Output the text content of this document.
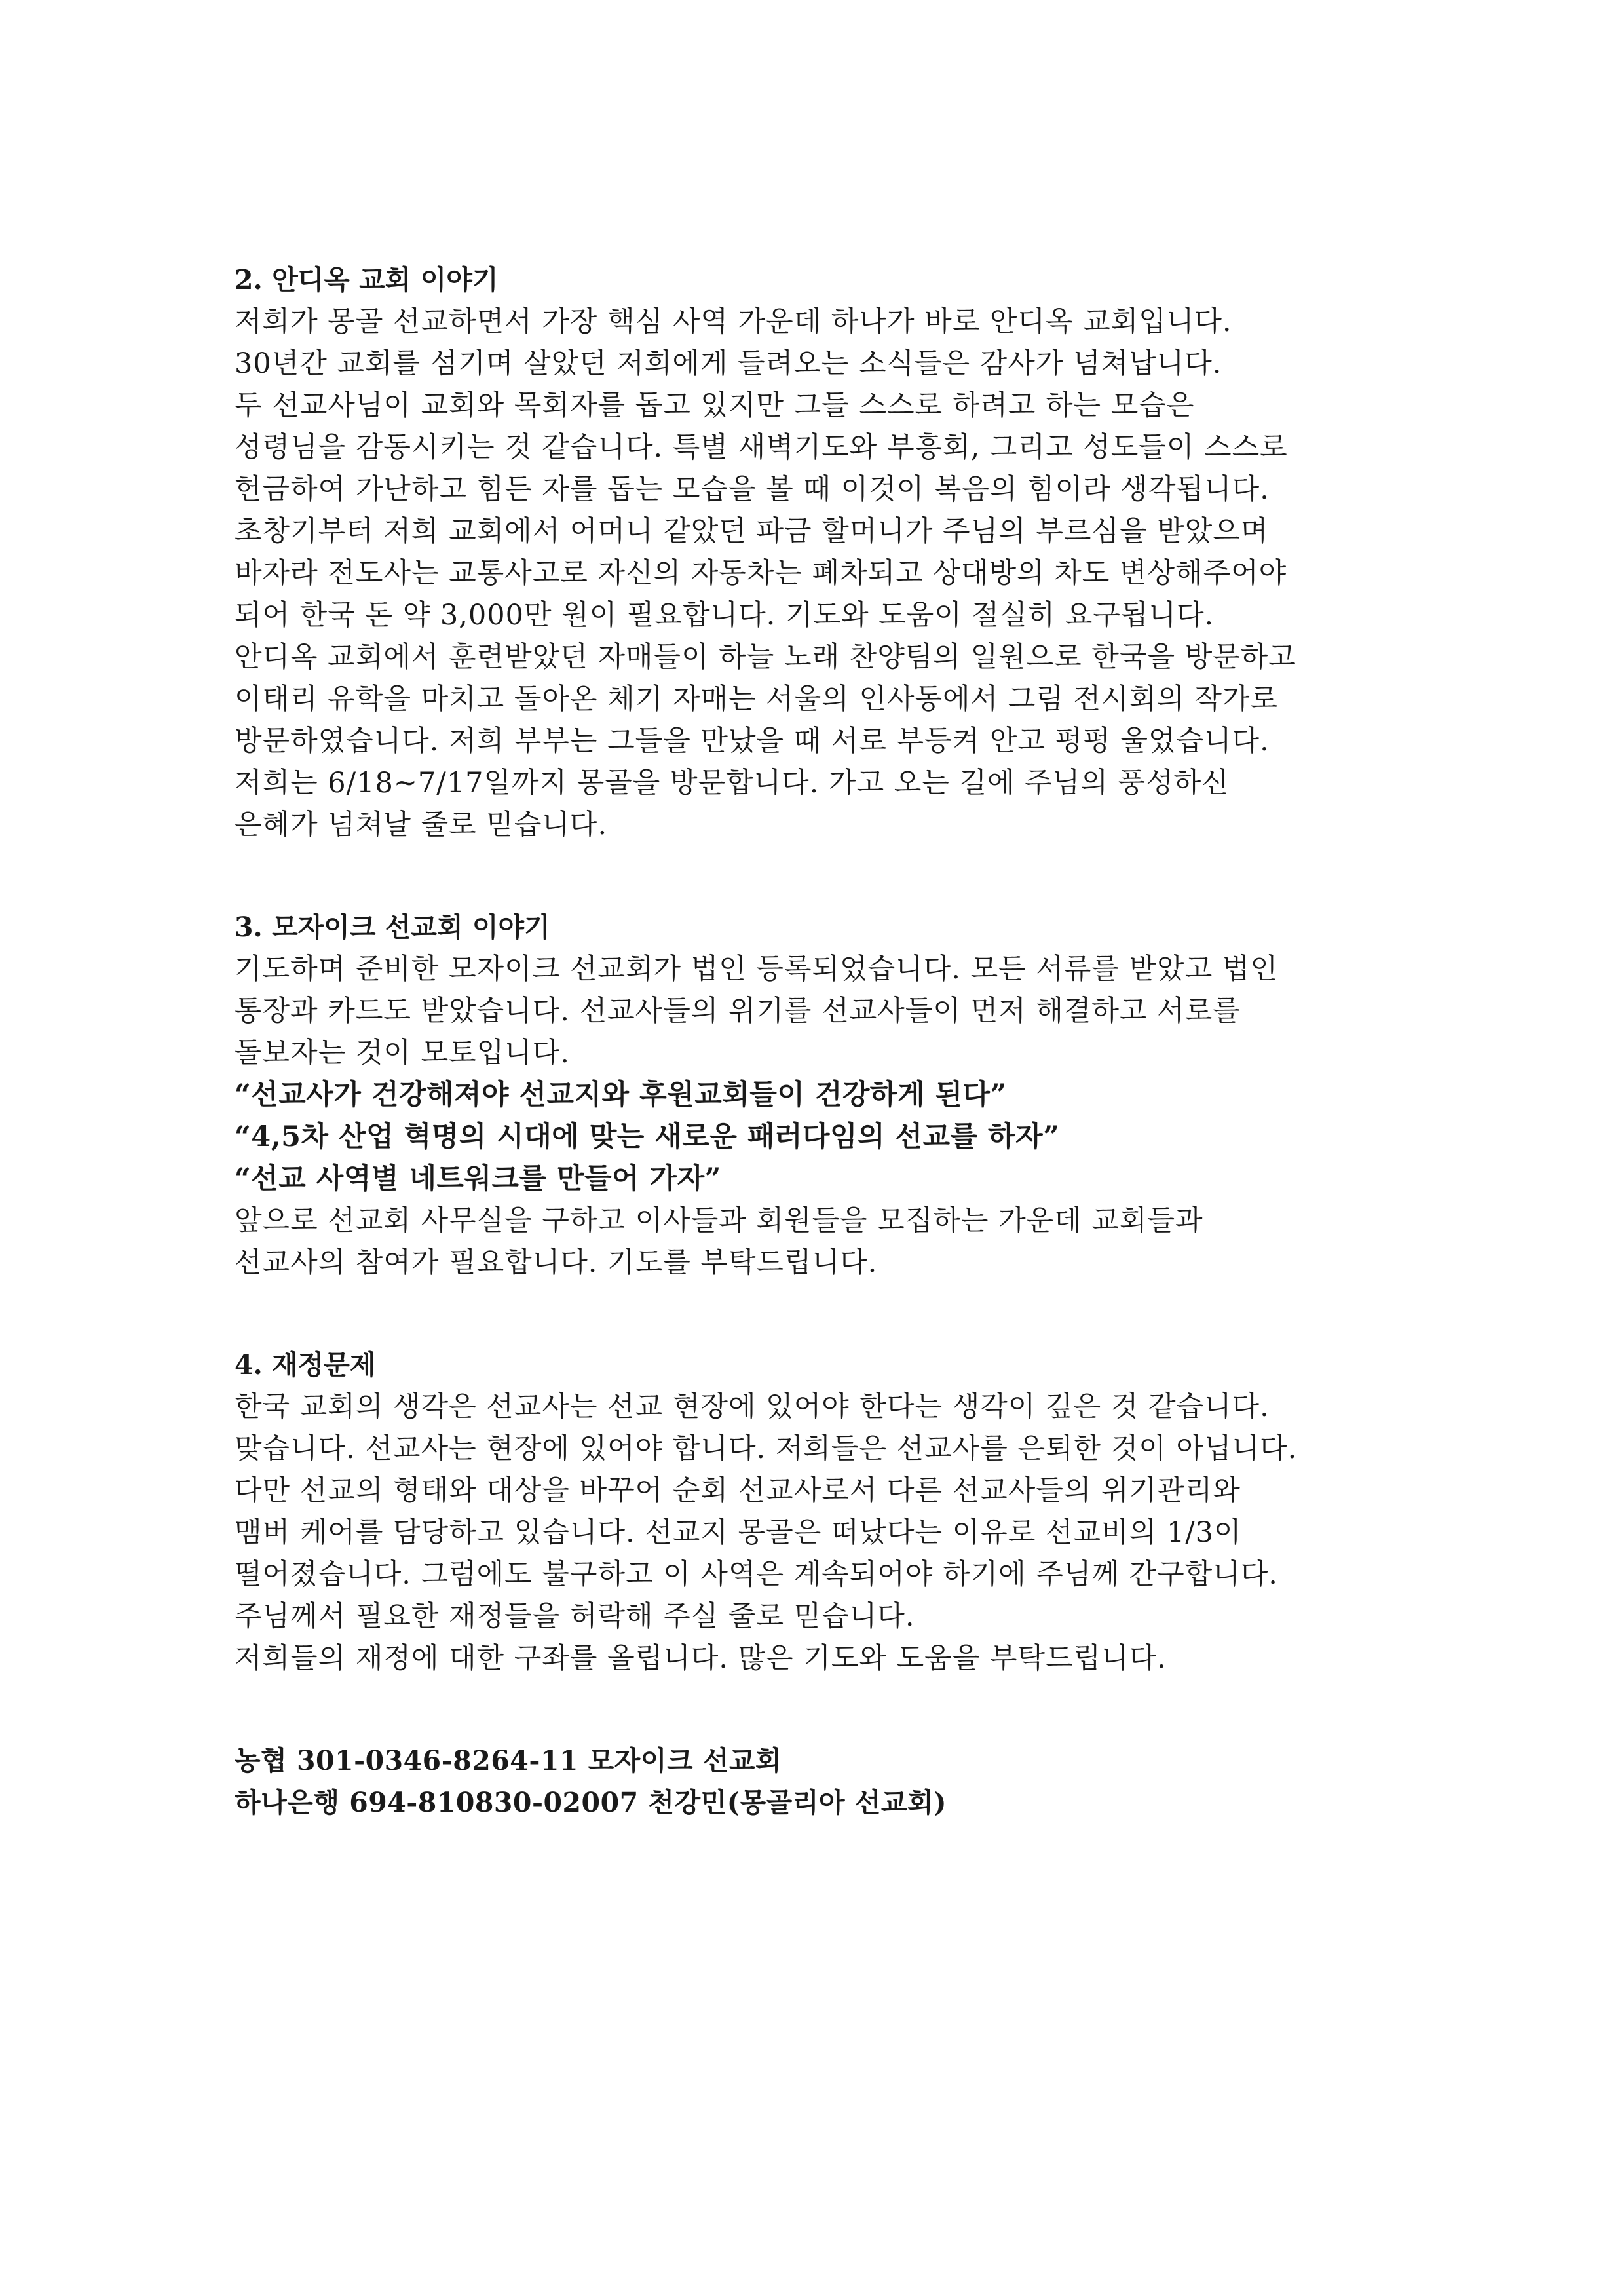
2. 안디옥 교회 이야기

저희가 몽골 선교하면서 가장 핵심 사역 가운데 하나가 바로 안디옥 교회입니다.

30년간 교회를 섬기며 살았던 저희에게 들려오는 소식들은 감사가 넘쳐납니다.

두 선교사님이 교회와 목회자를 돕고 있지만 그들 스스로 하려고 하는 모습은

성령님을 감동시키는 것 같습니다. 특별 새벽기도와 부흥회, 그리고 성도들이 스스로

헌금하여 가난하고 힘든 자를 돕는 모습을 볼 때 이것이 복음의 힘이라 생각됩니다.

초창기부터 저희 교회에서 어머니 같았던 파금 할머니가 주님의 부르심을 받았으며

바자라 전도사는 교통사고로 자신의 자동차는 폐차되고 상대방의 차도 변상해주어야

되어 한국 돈 약 3,000만 원이 필요합니다. 기도와 도움이 절실히 요구됩니다.

안디옥 교회에서 훈련받았던 자매들이 하늘 노래 찬양팀의 일원으로 한국을 방문하고

이태리 유학을 마치고 돌아온 체기 자매는 서울의 인사동에서 그림 전시회의 작가로

방문하였습니다. 저희 부부는 그들을 만났을 때 서로 부등켜 안고 펑펑 울었습니다.

저희는 6/18~7/17일까지 몽골을 방문합니다. 가고 오는 길에 주님의 풍성하신

은혜가 넘쳐날 줄로 믿습니다.

3. 모자이크 선교회 이야기

기도하며 준비한 모자이크 선교회가 법인 등록되었습니다. 모든 서류를 받았고 법인

통장과 카드도 받았습니다. 선교사들의 위기를 선교사들이 먼저 해결하고 서로를

돌보자는 것이 모토입니다.

“선교사가 건강해져야 선교지와 후원교회들이 건강하게 된다”

“4,5차 산업 혁명의 시대에 맞는 새로운 패러다임의 선교를 하자”

“선교 사역별 네트워크를 만들어 가자”

앞으로 선교회 사무실을 구하고 이사들과 회원들을 모집하는 가운데 교회들과

선교사의 참여가 필요합니다. 기도를 부탁드립니다.

4. 재정문제

한국 교회의 생각은 선교사는 선교 현장에 있어야 한다는 생각이 깊은 것 같습니다.

맞습니다. 선교사는 현장에 있어야 합니다. 저희들은 선교사를 은퇴한 것이 아닙니다.

다만 선교의 형태와 대상을 바꾸어 순회 선교사로서 다른 선교사들의 위기관리와

맴버 케어를 담당하고 있습니다. 선교지 몽골은 떠났다는 이유로 선교비의 1/3이

떨어졌습니다. 그럼에도 불구하고 이 사역은 계속되어야 하기에 주님께 간구합니다.

주님께서 필요한 재정들을 허락해 주실 줄로 믿습니다.

저희들의 재정에 대한 구좌를 올립니다. 많은 기도와 도움을 부탁드립니다.

농협 301-0346-8264-11 모자이크 선교회

하나은행 694-810830-02007 천강민(몽골리아 선교회)
